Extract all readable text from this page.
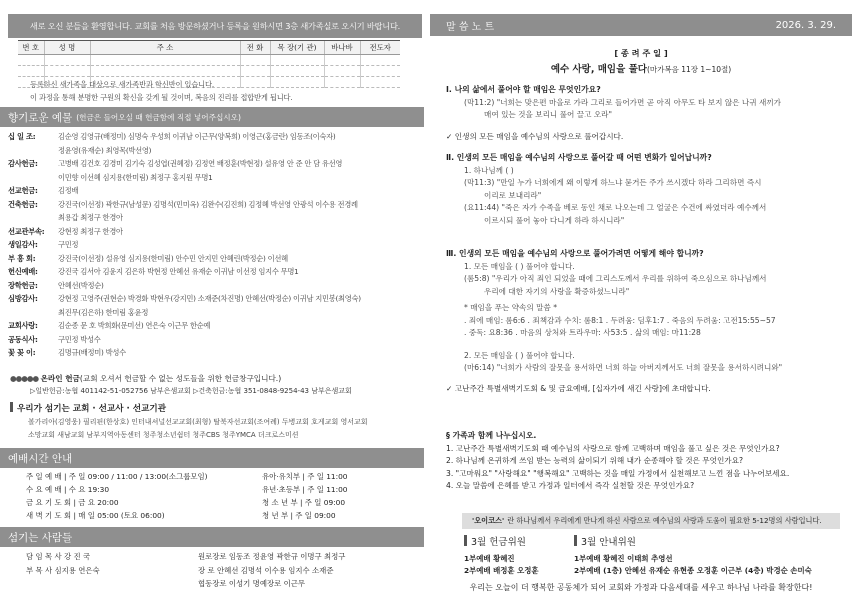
새로 오신 분들을 환영합니다. 교회를 처음 방문하셨거나 등록을 원하시면 3층 새가족실로 오시기 바랍니다.
번 호	성 명	주 소	전 화	목 장(기 관)	바나바	전도자

등록하신 새가족을 대상으로 새가족반과 학신반이 있습니다.
이 과정을 통해 분명한 구원의 확신을 갖게 될 것이며, 복음의 진리를 접합받게 됩니다.
향기로운 예물 (헌금은 들어오실 때 헌금함에 직접 넣어주십시오)
십 일 조:	김순영 김영규(배정미) 심명숙 우성희 이귀남 이근무(양복희) 이영근(홍금란) 임동조(이숙자)
정윤영(유재순) 최영목(박선영)
감사헌금:	고병배 김건호 김경미 김기숙 김성엽(권혜정) 김정연 배정훈(박현정) 설유영 안 준 안 담 유선영
이민향 이선혜 심지용(한미림) 최정구 홍지원 무명1
선교헌금:	김정배
건축헌금:	강진국(이선정) 곽한규(남성문) 김명석(민미옥) 김완수(김진희) 김정혜 박선영 안광석 이수용 전경례
최용갑 최정구 한경아
선교관부속:	강현정 최정구 한경아
생일감사:	구민정
부 흥 회:	강진국(이선정) 설유영 심지용(한미림) 안수민 안지민 안혜린(박정순) 이선혜
헌신예배:	강진국 김서아 김윤지 김은하 박현정 안혜선 유재순 이귀남 이선정 임지수 무명1
장학헌금:	안혜선(박정순)
심방감사:	강현정 고영주(권현순) 박경화 박현우(강지민) 소재준(차진명) 안혜선(박정순) 이귀남 지민봉(최영숙)
최진무(김은하) 한미림 홍윤정
교회사랑:	김순종 문 호 박희화(문미선) 연은숙 이근무 한순예
공동식사:	구민정 박성수
꽃 꽂 이:	김명규(배정미) 박성수
●●●●● 온라인 헌금(교회 오셔서 헌금할 수 없는 성도들을 위한 헌금창구입니다.)
▷일반헌금:농협 401142-51-052756 남부은샘교회 ▷건축헌금:농협 351-0848-9254-43 남부은샘교회
우리가 섬기는 교회 · 선교사 · 선교기관
볼가리아(김영웅) 필리핀(한상호) 인터내셔널선교교회(최형) 탈북자선교회(조여례) 두병교회 호게교회 영서교회
소망교회 새남교회 남부지역아동센터 청주청소년쉼터 청주CBS 청주YMCA 더크로스미션
예배시간 안내
주 일 예 배 | 주 일 09:00 / 11:00 / 13:00(소그룹모임)
수 요 예 배 | 수 요 19:30
금 요 기 도 회 | 금 요 20:00
새 벽 기 도 회 | 매 일 05:00 (토요 06:00)
유아·유치부 | 주 일 11:00
유년·초등부 | 주 일 11:00
청 소 년 부 | 주 일 09:00
청 년 부 | 주 일 09:00
섬기는 사람들
담 임 목 사 강 진 국
부 목 사 심지용 연은숙
원로장로 임동조 정윤영 곽한규 이명구 최정구
장 로 안혜선 김명석 이수용 임지수 소재준
협동장로 이성기 명예장로 이근무
말 씀 노 트	2026. 3. 29.
[ 종 려 주 일 ]
예수 사랑, 매임을 풀다(마가복음 11장 1~10절)
Ⅰ. 나의 삶에서 풀어야 할 매임은 무엇인가요?
(막11:2) "너희는 맞은편 마을로 가라 그리로 들어가면 곧 아직 아무도 타 보지 않은 나귀 새끼가
매여 있는 것을 보리니 풀어 끌고 오라"
✓ 인생의 모든 매임을 예수님의 사랑으로 풀어갑시다.
Ⅱ. 인생의 모든 매임을 예수님의 사랑으로 풀어갈 때 어떤 변화가 일어납니까?
1. 하나님께 ( )
(막11:3) "만일 누가 너희에게 왜 이렇게 하느냐 묻거든 주가 쓰시겠다 하라 그리하면 즉시
이리로 보내리라"
(요11:44) "죽은 자가 수족을 베로 동인 채로 나오는데 그 얼굴은 수건에 싸였더라 예수께서
이르시되 풀어 놓아 다니게 하라 하시니라"
Ⅲ. 인생의 모든 매임을 예수님의 사랑으로 풀어가려면 어떻게 해야 합니까?
1. 모든 매임을 ( ) 풀어야 합니다.
(롬5:8) "우리가 아직 죄인 되었을 때에 그리스도께서 우리를 위하여 죽으심으로 하나님께서
우리에 대한 자기의 사랑을 확증하셨느니라"
* 매임을 푸는 약속의 말씀 *
. 죄에 매임: 롬6:6 . 죄책감과 수치: 롬8:1 . 두려움: 딤후1:7 . 죽음의 두려움: 고전15:55~57
. 중독: 요8:36 . 마음의 상처와 트라우마: 사53:5 . 삶의 매임: 마11:28
2. 모든 매임을 ( ) 풀어야 합니다.
(마6:14) "너희가 사람의 잘못을 용서하면 너희 하늘 아버지께서도 너희 잘못을 용서하시려니와"
✓ 고난주간 특별새벽기도회 & 및 금요예배, [십자가에 새긴 사랑]에 초대합니다.
§ 가족과 함께 나누십시오.
1. 고난주간 특별새벽기도회 때 예수님의 사랑으로 함께 고백하며 매임을 풀고 싶은 것은 무엇인가요?
2. 하나님께 온귀하게 쓰임 받는 능력의 삶이되기 위해 내가 순종해야 할 것은 무엇인가요?
3. "고마워요" "사랑해요" "행복해요" 고백하는 것을 매일 가정에서 실천해보고 느낀 점을 나누어보세요.
4. 오늘 말씀에 은혜를 받고 가정과 일터에서 즉각 실천할 것은 무엇인가요?
'오이코스' 란 하나님께서 우리에게 만나게 하신 사람으로 예수님의 사랑과 도움이 필요한 5-12명의 사람입니다.
3월 헌금위원
1부예배 황혜진
2부예배 배정훈 오정훈
3월 안내위원
1부예배 황혜진 이태희 추영선
2부예배 (1층) 안혜선 유재순 유현종 오정훈 이근부 (4층) 박경순 손미숙
우리는 오늘이 더 행복한 공동체가 되어 교회와 가정과 다음세대를 세우고 하나님 나라를 확장한다!
